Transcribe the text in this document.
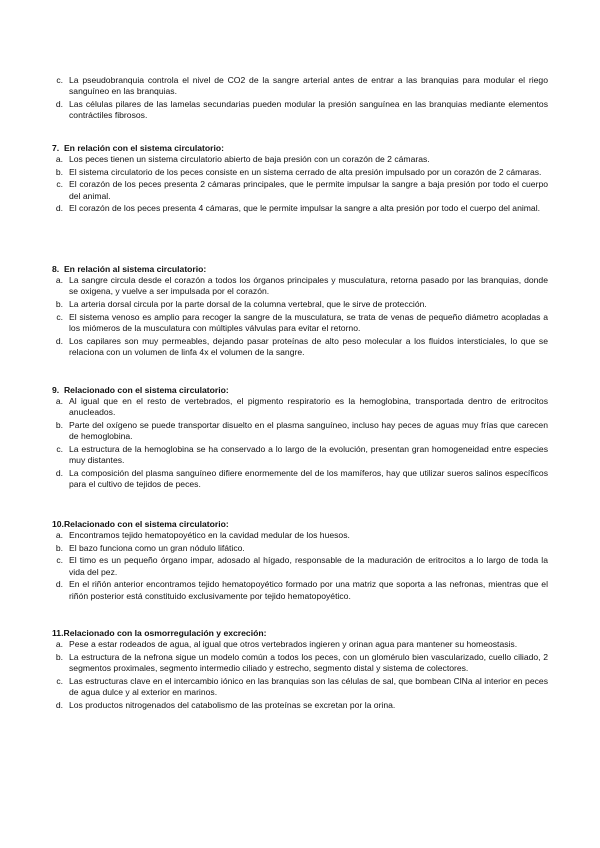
c. La pseudobranquia controla el nivel de CO2 de la sangre arterial antes de entrar a las branquias para modular el riego sanguíneo en las branquias.
d. Las células pilares de las lamelas secundarias pueden modular la presión sanguínea en las branquias mediante elementos contráctiles fibrosos.
7. En relación con el sistema circulatorio:
a. Los peces tienen un sistema circulatorio abierto de baja presión con un corazón de 2 cámaras.
b. El sistema circulatorio de los peces consiste en un sistema cerrado de alta presión impulsado por un corazón de 2 cámaras.
c. El corazón de los peces presenta 2 cámaras principales, que le permite impulsar la sangre a baja presión por todo el cuerpo del animal.
d. El corazón de los peces presenta 4 cámaras, que le permite impulsar la sangre a alta presión por todo el cuerpo del animal.
8. En relación al sistema circulatorio:
a. La sangre circula desde el corazón a todos los órganos principales y musculatura, retorna pasado por las branquias, donde se oxigena, y vuelve a ser impulsada por el corazón.
b. La arteria dorsal circula por la parte dorsal de la columna vertebral, que le sirve de protección.
c. El sistema venoso es amplio para recoger la sangre de la musculatura, se trata de venas de pequeño diámetro acopladas a los miómeros de la musculatura con múltiples válvulas para evitar el retorno.
d. Los capilares son muy permeables, dejando pasar proteínas de alto peso molecular a los fluidos intersticiales, lo que se relaciona con un volumen de linfa 4x el volumen de la sangre.
9. Relacionado con el sistema circulatorio:
a. Al igual que en el resto de vertebrados, el pigmento respiratorio es la hemoglobina, transportada dentro de eritrocitos anucleados.
b. Parte del oxígeno se puede transportar disuelto en el plasma sanguíneo, incluso hay peces de aguas muy frías que carecen de hemoglobina.
c. La estructura de la hemoglobina se ha conservado a lo largo de la evolución, presentan gran homogeneidad entre especies muy distantes.
d. La composición del plasma sanguíneo difiere enormemente del de los mamíferos, hay que utilizar sueros salinos específicos para el cultivo de tejidos de peces.
10.Relacionado con el sistema circulatorio:
a. Encontramos tejido hematopoyético en la cavidad medular de los huesos.
b. El bazo funciona como un gran nódulo lifático.
c. El timo es un pequeño órgano impar, adosado al hígado, responsable de la maduración de eritrocitos a lo largo de toda la vida del pez.
d. En el riñón anterior encontramos tejido hematopoyético formado por una matriz que soporta a las nefronas, mientras que el riñón posterior está constituido exclusivamente por tejido hematopoyético.
11.Relacionado con la osmorregulación y excreción:
a. Pese a estar rodeados de agua, al igual que otros vertebrados ingieren y orinan agua para mantener su homeostasis.
b. La estructura de la nefrona sigue un modelo común a todos los peces, con un glomérulo bien vascularizado, cuello ciliado, 2 segmentos proximales, segmento intermedio ciliado y estrecho, segmento distal y sistema de colectores.
c. Las estructuras clave en el intercambio iónico en las branquias son las células de sal, que bombean ClNa al interior en peces de agua dulce y al exterior en marinos.
d. Los productos nitrogenados del catabolismo de las proteínas se excretan por la orina.
